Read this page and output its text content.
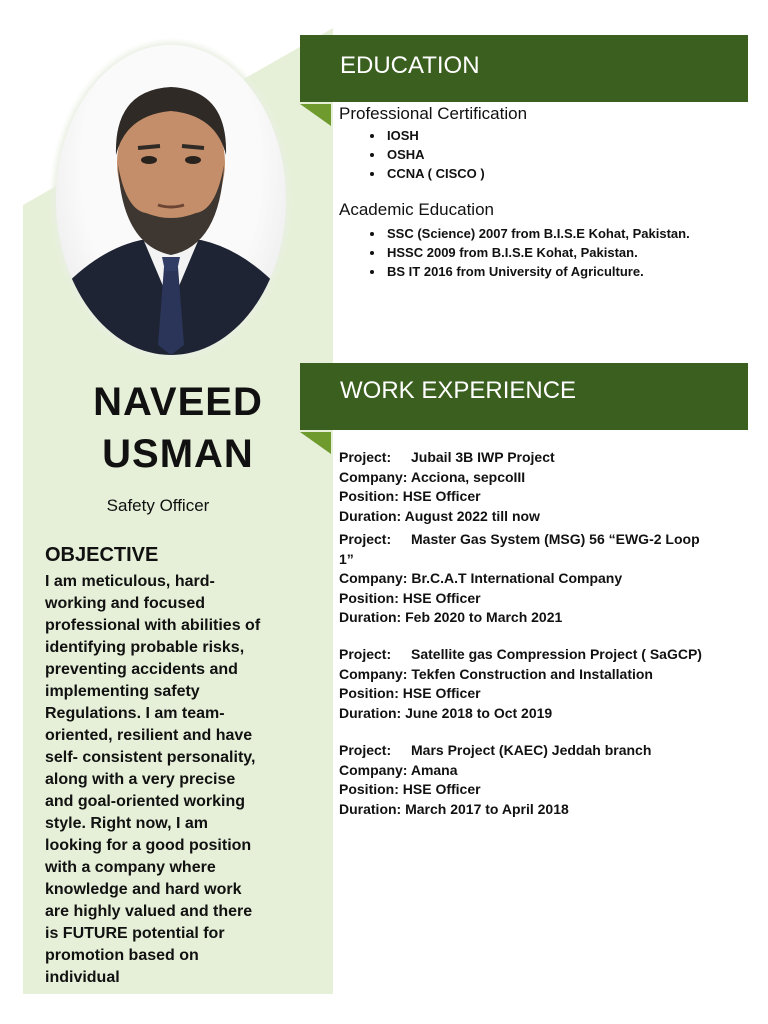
NAVEED
USMAN
Safety Officer
OBJECTIVE
I am meticulous, hard-working and focused professional with abilities of identifying probable risks, preventing accidents and implementing safety Regulations. I am team-oriented, resilient and have self- consistent personality, along with a very precise and goal-oriented working style. Right now, I am looking for a good position with a company where knowledge and hard work are highly valued and there is FUTURE potential for promotion based on individual
EDUCATION
Professional Certification
• IOSH
• OSHA
• CCNA ( CISCO )
Academic Education
• SSC (Science) 2007 from B.I.S.E Kohat, Pakistan.
• HSSC 2009 from B.I.S.E Kohat, Pakistan.
• BS IT 2016 from University of Agriculture.
WORK EXPERIENCE
Project: Jubail 3B IWP Project
Company: Acciona, sepcoIII
Position: HSE Officer
Duration: August 2022 till now
Project: Master Gas System (MSG) 56 “EWG-2 Loop
1”
Company: Br.C.A.T International Company
Position: HSE Officer
Duration: Feb 2020 to March 2021
Project: Satellite gas Compression Project ( SaGCP)
Company: Tekfen Construction and Installation
Position: HSE Officer
Duration: June 2018 to Oct 2019
Project: Mars Project (KAEC) Jeddah branch
Company: Amana
Position: HSE Officer
Duration: March 2017 to April 2018
